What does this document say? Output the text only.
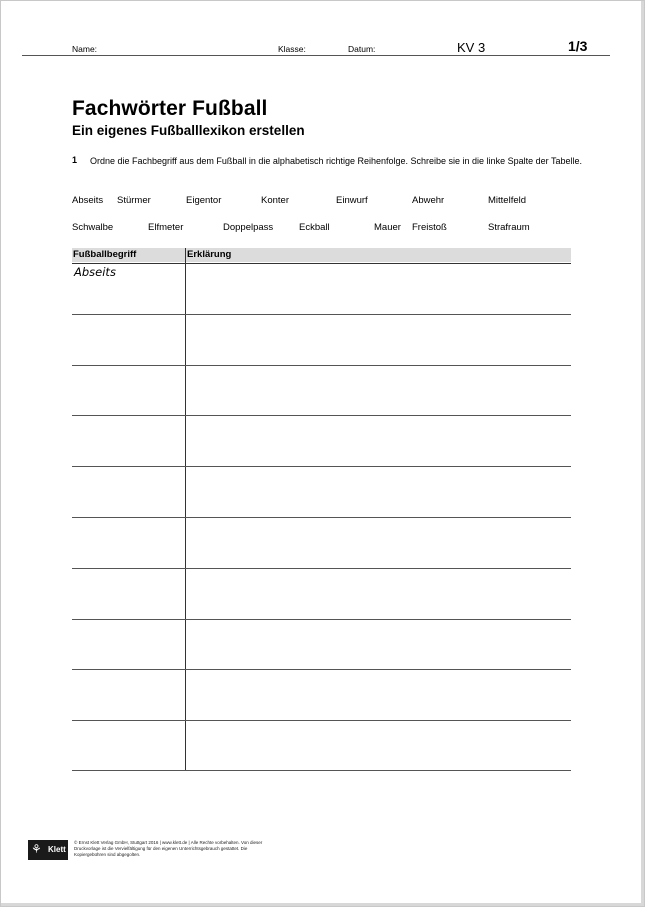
Name:	Klasse:	Datum:	KV 3	1/3
Fachwörter Fußball
Ein eigenes Fußballlexikon erstellen
1 Ordne die Fachbegriff aus dem Fußball in die alphabetisch richtige Reihenfolge. Schreibe sie in die linke Spalte der Tabelle.
Abseits Stürmer	Eigentor	Konter	Einwurf	Abwehr	Mittelfeld
Schwalbe	Elfmeter	Doppelpass	Eckball	Mauer Freistoß	Strafraum
Fußballbegriff	Erklärung
Abseits
⚘ Klett
© Ernst Klett Verlag GmbH, Stuttgart 2016 | www.klett.de | Alle Rechte vorbehalten. Von dieser Druckvorlage ist die Vervielfältigung für den eigenen Unterrichtsgebrauch gestattet. Die Kopiergebühren sind abgegolten.
